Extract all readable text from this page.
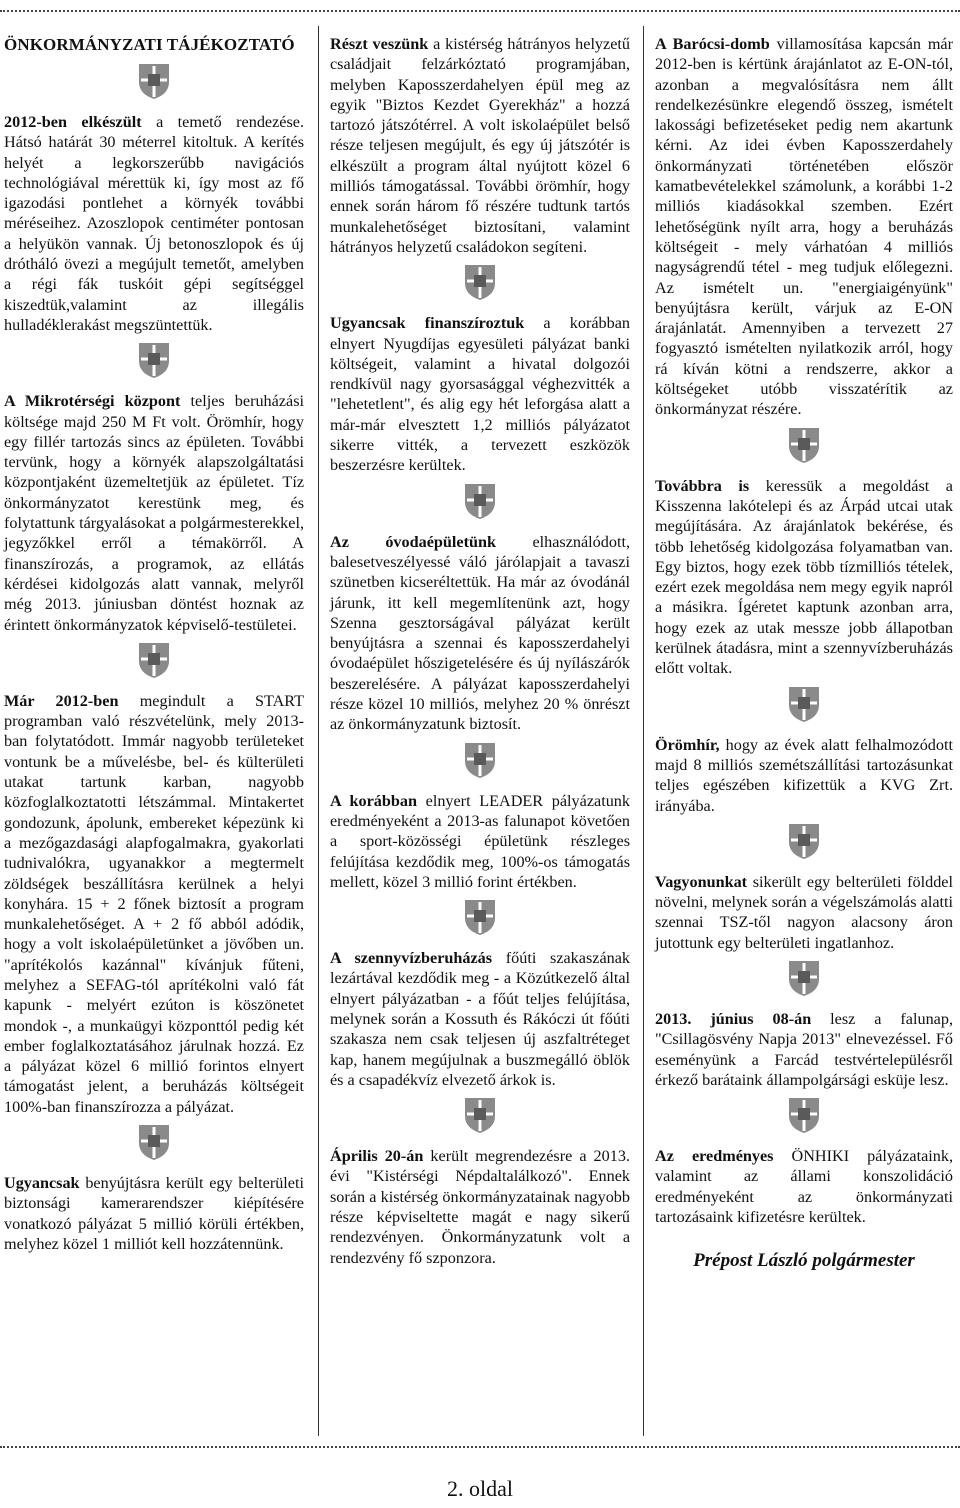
ÖNKORMÁNYZATI TÁJÉKOZTATÓ

2012-ben elkészült a temető rendezése. Hátsó határát 30 méterrel kitoltuk. A kerítés helyét a legkorszerűbb navigációs technológiával mérettük ki, így most az fő igazodási pontlehet a környék további méréseihez. Azoszlopok centiméter pontosan a helyükön vannak. Új betonoszlopok és új drótháló övezi a megújult temetőt, amelyben a régi fák tuskóit gépi segítséggel kiszedtük,valamint az illegális hulladéklerakást megszüntettük.

A Mikrotérségi központ teljes beruházási költsége majd 250 M Ft volt. Örömhír, hogy egy fillér tartozás sincs az épületen. További tervünk, hogy a környék alapszolgáltatási központjaként üzemeltetjük az épületet. Tíz önkormányzatot kerestünk meg, és folytattunk tárgyalásokat a polgármesterekkel, jegyzőkkel erről a témakörről. A finanszírozás, a programok, az ellátás kérdései kidolgozás alatt vannak, melyről még 2013. júniusban döntést hoznak az érintett önkormányzatok képviselő-testületei.

Már 2012-ben megindult a START programban való részvételünk, mely 2013-ban folytatódott. Immár nagyobb területeket vontunk be a művelésbe, bel- és külterületi utakat tartunk karban, nagyobb közfoglalkoztatotti létszámmal. Mintakertet gondozunk, ápolunk, embereket képezünk ki a mezőgazdasági alapfogalmakra, gyakorlati tudnivalókra, ugyanakkor a megtermelt zöldségek beszállításra kerülnek a helyi konyhára. 15 + 2 főnek biztosít a program munkalehetőséget. A + 2 fő abból adódik, hogy a volt iskolaépületünket a jövőben un. "aprítékolós kazánnal" kívánjuk fűteni, melyhez a SEFAG-tól aprítékolni való fát kapunk - melyért ezúton is köszönetet mondok -, a munkaügyi központtól pedig két ember foglalkoztatásához járulnak hozzá. Ez a pályázat közel 6 millió forintos elnyert támogatást jelent, a beruházás költségeit 100%-ban finanszírozza a pályázat.

Ugyancsak benyújtásra került egy belterületi biztonsági kamerarendszer kiépítésére vonatkozó pályázat 5 millió körüli értékben, melyhez közel 1 milliót kell hozzátennünk.

Részt veszünk a kistérség hátrányos helyzetű családjait felzárkóztató programjában, melyben Kaposszerdahelyen épül meg az egyik "Biztos Kezdet Gyerekház" a hozzá tartozó játszótérrel. A volt iskolaépület belső része teljesen megújult, és egy új játszótér is elkészült a program által nyújtott közel 6 milliós támogatással. További örömhír, hogy ennek során három fő részére tudtunk tartós munkalehetőséget biztosítani, valamint hátrányos helyzetű családokon segíteni.

Ugyancsak finanszíroztuk a korábban elnyert Nyugdíjas egyesületi pályázat banki költségeit, valamint a hivatal dolgozói rendkívül nagy gyorsasággal véghezvitték a "lehetetlent", és alig egy hét leforgása alatt a már-már elvesztett 1,2 milliós pályázatot sikerre vitték, a tervezett eszközök beszerzésre kerültek.

Az óvodaépületünk elhasználódott, balesetveszélyessé váló járólapjait a tavaszi szünetben kicseréltettük. Ha már az óvodánál járunk, itt kell megemlítenünk azt, hogy Szenna gesztorságával pályázat került benyújtásra a szennai és kaposszerdahelyi óvodaépület hőszigetelésére és új nyílászárók beszerelésére. A pályázat kaposszerdahelyi része közel 10 milliós, melyhez 20 % önrészt az önkormányzatunk biztosít.

A korábban elnyert LEADER pályázatunk eredményeként a 2013-as falunapot követően a sport-közösségi épületünk részleges felújítása kezdődik meg, 100%-os támogatás mellett, közel 3 millió forint értékben.

A szennyvízberuházás főúti szakaszának lezártával kezdődik meg - a Közútkezelő által elnyert pályázatban - a főút teljes felújítása, melynek során a Kossuth és Rákóczi út főúti szakasza nem csak teljesen új aszfaltréteget kap, hanem megújulnak a buszmegálló öblök és a csapadékvíz elvezető árkok is.

Április 20-án került megrendezésre a 2013. évi "Kistérségi Népdaltalálkozó". Ennek során a kistérség önkormányzatainak nagyobb része képviseltette magát e nagy sikerű rendezvényen. Önkormányzatunk volt a rendezvény fő szponzora.

A Barócsi-domb villamosítása kapcsán már 2012-ben is kértünk árajánlatot az E-ON-tól, azonban a megvalósításra nem állt rendelkezésünkre elegendő összeg, ismételt lakossági befizetéseket pedig nem akartunk kérni. Az idei évben Kaposszerdahely önkormányzati történetében először kamatbevételekkel számolunk, a korábbi 1-2 milliós kiadásokkal szemben. Ezért lehetőségünk nyílt arra, hogy a beruházás költségeit - mely várhatóan 4 milliós nagyságrendű tétel - meg tudjuk előlegezni. Az ismételt un. "energiaigényünk" benyújtásra került, várjuk az E-ON árajánlatát. Amennyiben a tervezett 27 fogyasztó ismételten nyilatkozik arról, hogy rá kíván kötni a rendszerre, akkor a költségeket utóbb visszatérítik az önkormányzat részére.

Továbbra is keressük a megoldást a Kisszenna lakótelepi és az Árpád utcai utak megújítására. Az árajánlatok bekérése, és több lehetőség kidolgozása folyamatban van. Egy biztos, hogy ezek több tízmilliós tételek, ezért ezek megoldása nem megy egyik napról a másikra. Ígéretet kaptunk azonban arra, hogy ezek az utak messze jobb állapotban kerülnek átadásra, mint a szennyvízberuházás előtt voltak.

Örömhír, hogy az évek alatt felhalmozódott majd 8 milliós szemétszállítási tartozásunkat teljes egészében kifizettük a KVG Zrt. irányába.

Vagyonunkat sikerült egy belterületi földdel növelni, melynek során a végelszámolás alatti szennai TSZ-től nagyon alacsony áron jutottunk egy belterületi ingatlanhoz.

2013. június 08-án lesz a falunap, "Csillagösvény Napja 2013" elnevezéssel. Fő eseményünk a Farcád testvértelepülésről érkező barátaink állampolgársági esküje lesz.

Az eredményes ÖNHIKI pályázataink, valamint az állami konszolidáció eredményeként az önkormányzati tartozásaink kifizetésre kerültek.

Prépost László polgármester
2. oldal
